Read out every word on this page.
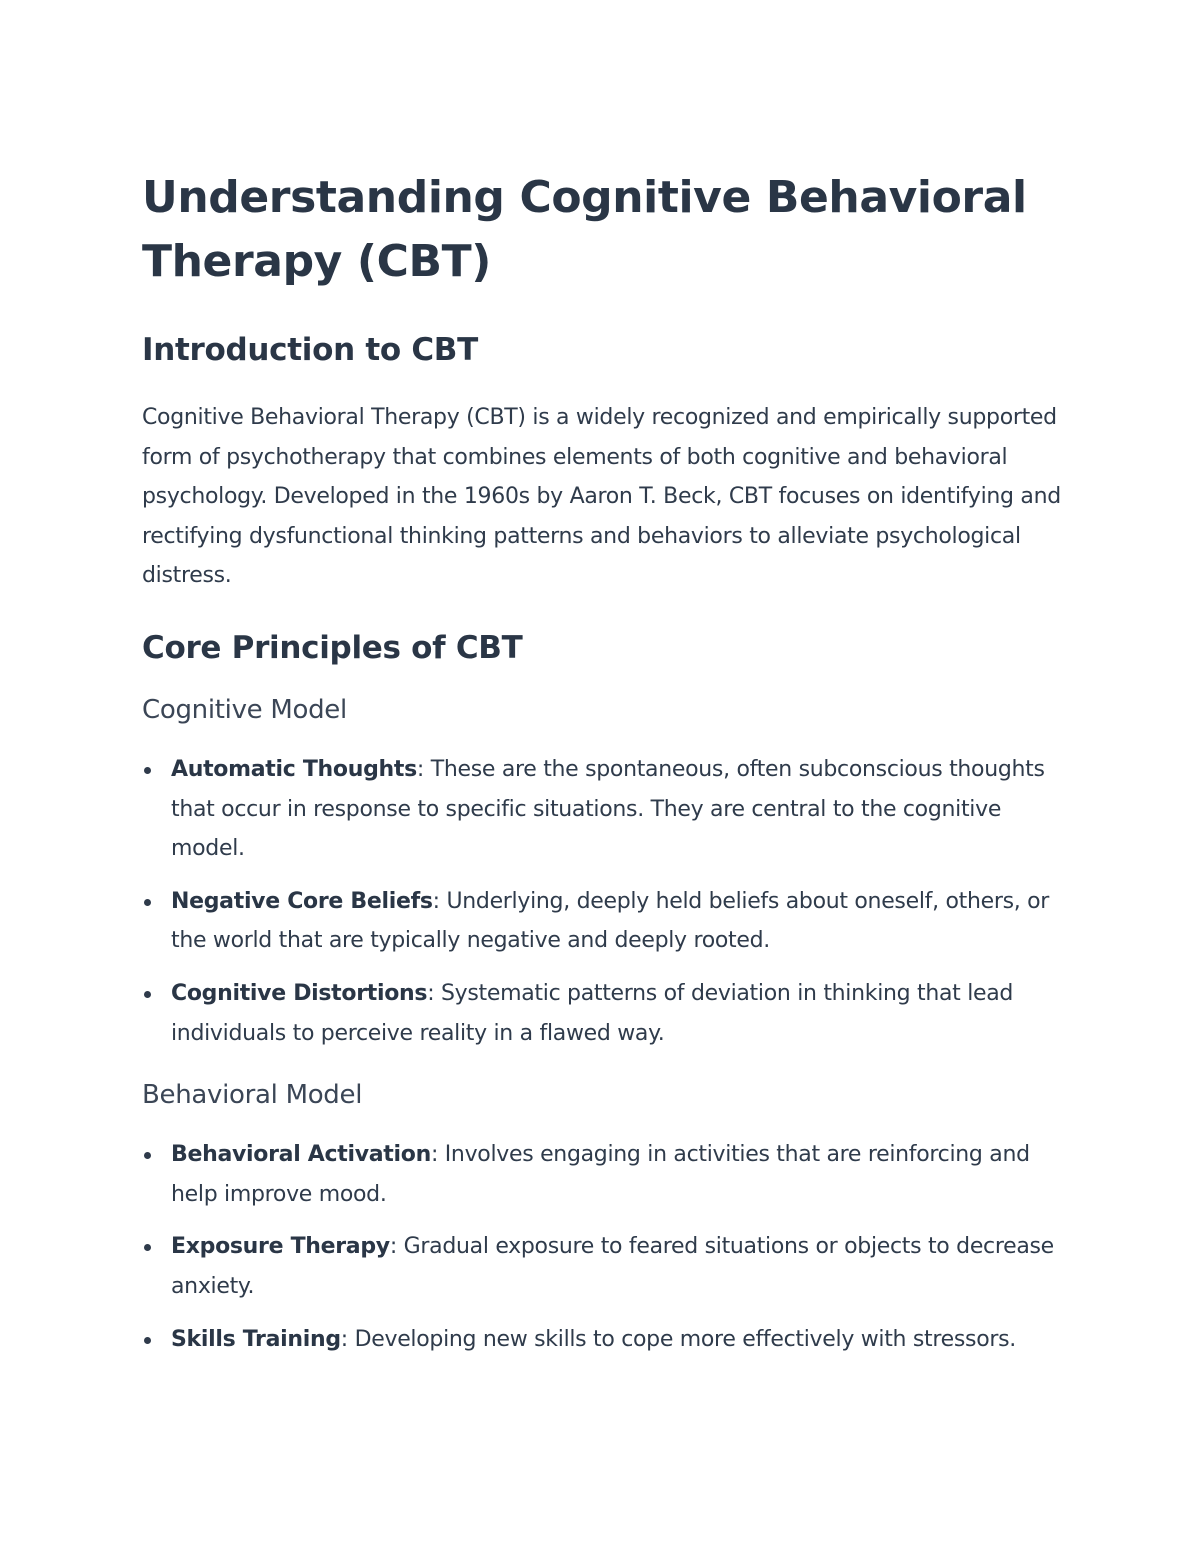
Understanding Cognitive Behavioral Therapy (CBT)
Introduction to CBT

Cognitive Behavioral Therapy (CBT) is a widely recognized and empirically supported form of psychotherapy that combines elements of both cognitive and behavioral psychology. Developed in the 1960s by Aaron T. Beck, CBT focuses on identifying and rectifying dysfunctional thinking patterns and behaviors to alleviate psychological distress.

Core Principles of CBT
Cognitive Model
Automatic Thoughts: These are the spontaneous, often subconscious thoughts that occur in response to specific situations. They are central to the cognitive model.
Negative Core Beliefs: Underlying, deeply held beliefs about oneself, others, or the world that are typically negative and deeply rooted.
Cognitive Distortions: Systematic patterns of deviation in thinking that lead individuals to perceive reality in a flawed way.
Behavioral Model
Behavioral Activation: Involves engaging in activities that are reinforcing and help improve mood.
Exposure Therapy: Gradual exposure to feared situations or objects to decrease anxiety.
Skills Training: Developing new skills to cope more effectively with stressors.
